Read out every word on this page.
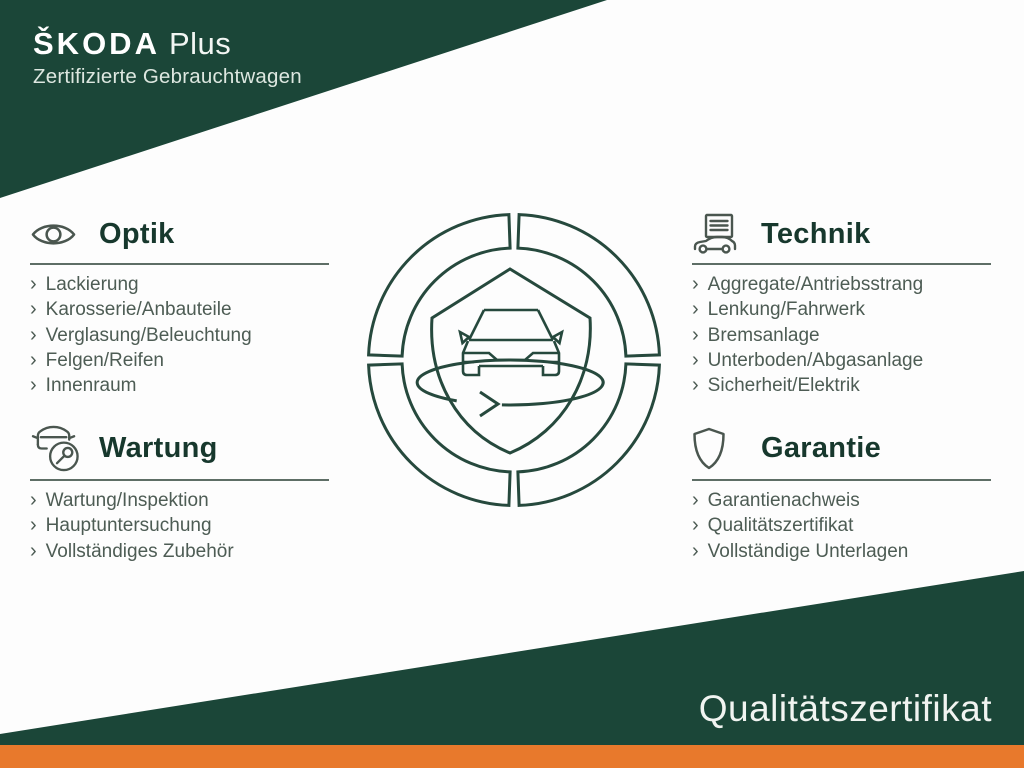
ŠKODA Plus
Zertifizierte Gebrauchtwagen
Optik
› Lackierung
› Karosserie/Anbauteile
› Verglasung/Beleuchtung
› Felgen/Reifen
› Innenraum
Technik
› Aggregate/Antriebsstrang
› Lenkung/Fahrwerk
› Bremsanlage
› Unterboden/Abgasanlage
› Sicherheit/Elektrik
Wartung
› Wartung/Inspektion
› Hauptuntersuchung
› Vollständiges Zubehör
Garantie
› Garantienachweis
› Qualitätszertifikat
› Vollständige Unterlagen
Qualitätszertifikat
